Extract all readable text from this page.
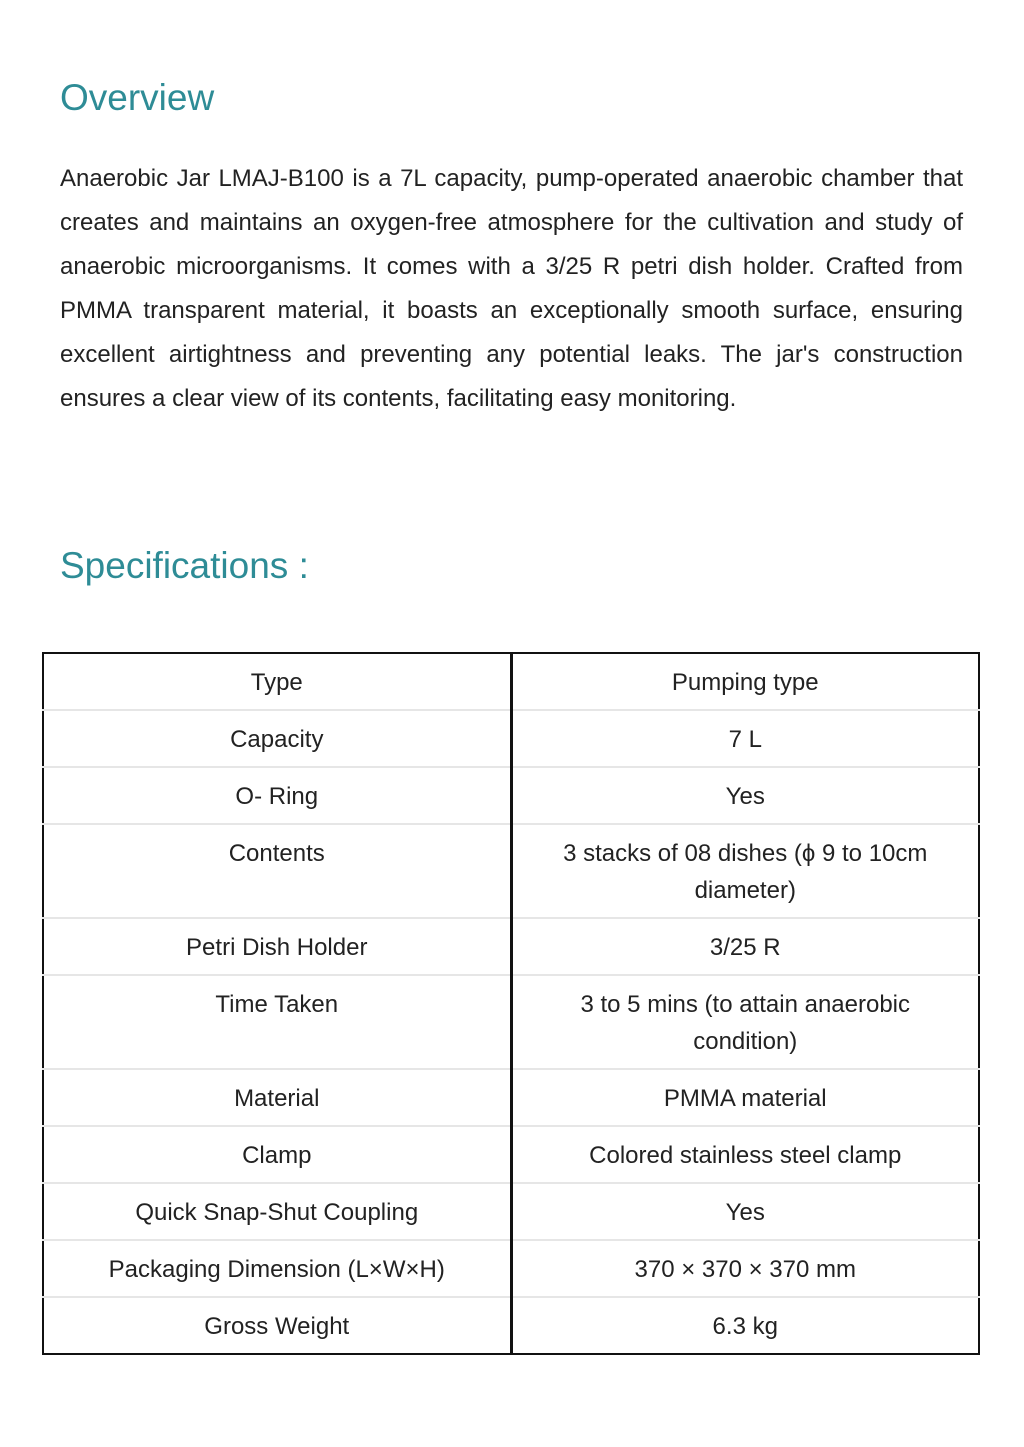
Overview

Anaerobic Jar LMAJ-B100 is a 7L capacity, pump-operated anaerobic chamber that creates and maintains an oxygen-free atmosphere for the cultivation and study of anaerobic microorganisms. It comes with a 3/25 R petri dish holder. Crafted from PMMA transparent material, it boasts an exceptionally smooth surface, ensuring excellent airtightness and preventing any potential leaks. The jar's construction ensures a clear view of its contents, facilitating easy monitoring.

Specifications :
Type	Pumping type
Capacity	7 L
O- Ring	Yes
Contents	3 stacks of 08 dishes (ϕ 9 to 10cm diameter)
Petri Dish Holder	3/25 R
Time Taken	3 to 5 mins (to attain anaerobic condition)
Material	PMMA material
Clamp	Colored stainless steel clamp
Quick Snap-Shut Coupling	Yes
Packaging Dimension (L×W×H)	370 × 370 × 370 mm
Gross Weight	6.3 kg
